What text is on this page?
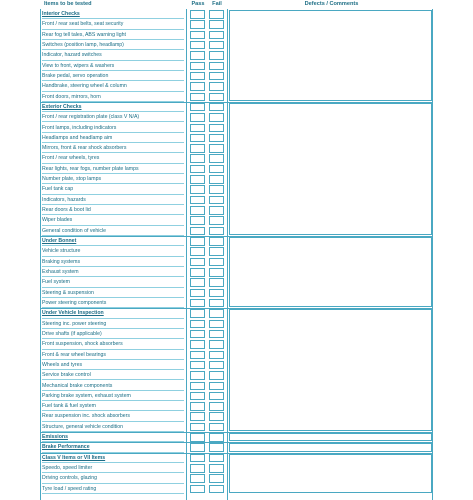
Items to be tested	Pass	Fail	Defects / Comments
Interior Checks
Front / rear seat belts, seat security
Rear fog tell tales, ABS warning light
Switches (position lamp, headlamp)
Indicator, hazard switches
View to front, wipers & washers
Brake pedal, servo operation
Handbrake, steering wheel & column
Front doors, mirrors, horn
Exterior Checks
Front / rear registration plate (class V N/A)
Front lamps, including indicators
Headlamps and headlamp aim
Mirrors, front & rear shock absorbers
Front / rear wheels, tyres
Rear lights, rear fogs, number plate lamps
Number plate, stop lamps
Fuel tank cap
Indicators, hazards
Rear doors & boot lid
Wiper blades
General condition of vehicle
Under Bonnet
Vehicle structure
Braking systems
Exhaust system
Fuel system
Steering & suspension
Power steering components
Under Vehicle Inspection
Steering inc. power steering
Drive shafts (if applicable)
Front suspension, shock absorbers
Front & rear wheel bearings
Wheels and tyres
Service brake control
Mechanical brake components
Parking brake system, exhaust system
Fuel tank & fuel system
Rear suspension inc. shock absorbers
Structure, general vehicle condition
Emissions
Brake Performance
Class V Items or VII Items
Speedo, speed limiter
Driving controls, glazing
Tyre load / speed rating
